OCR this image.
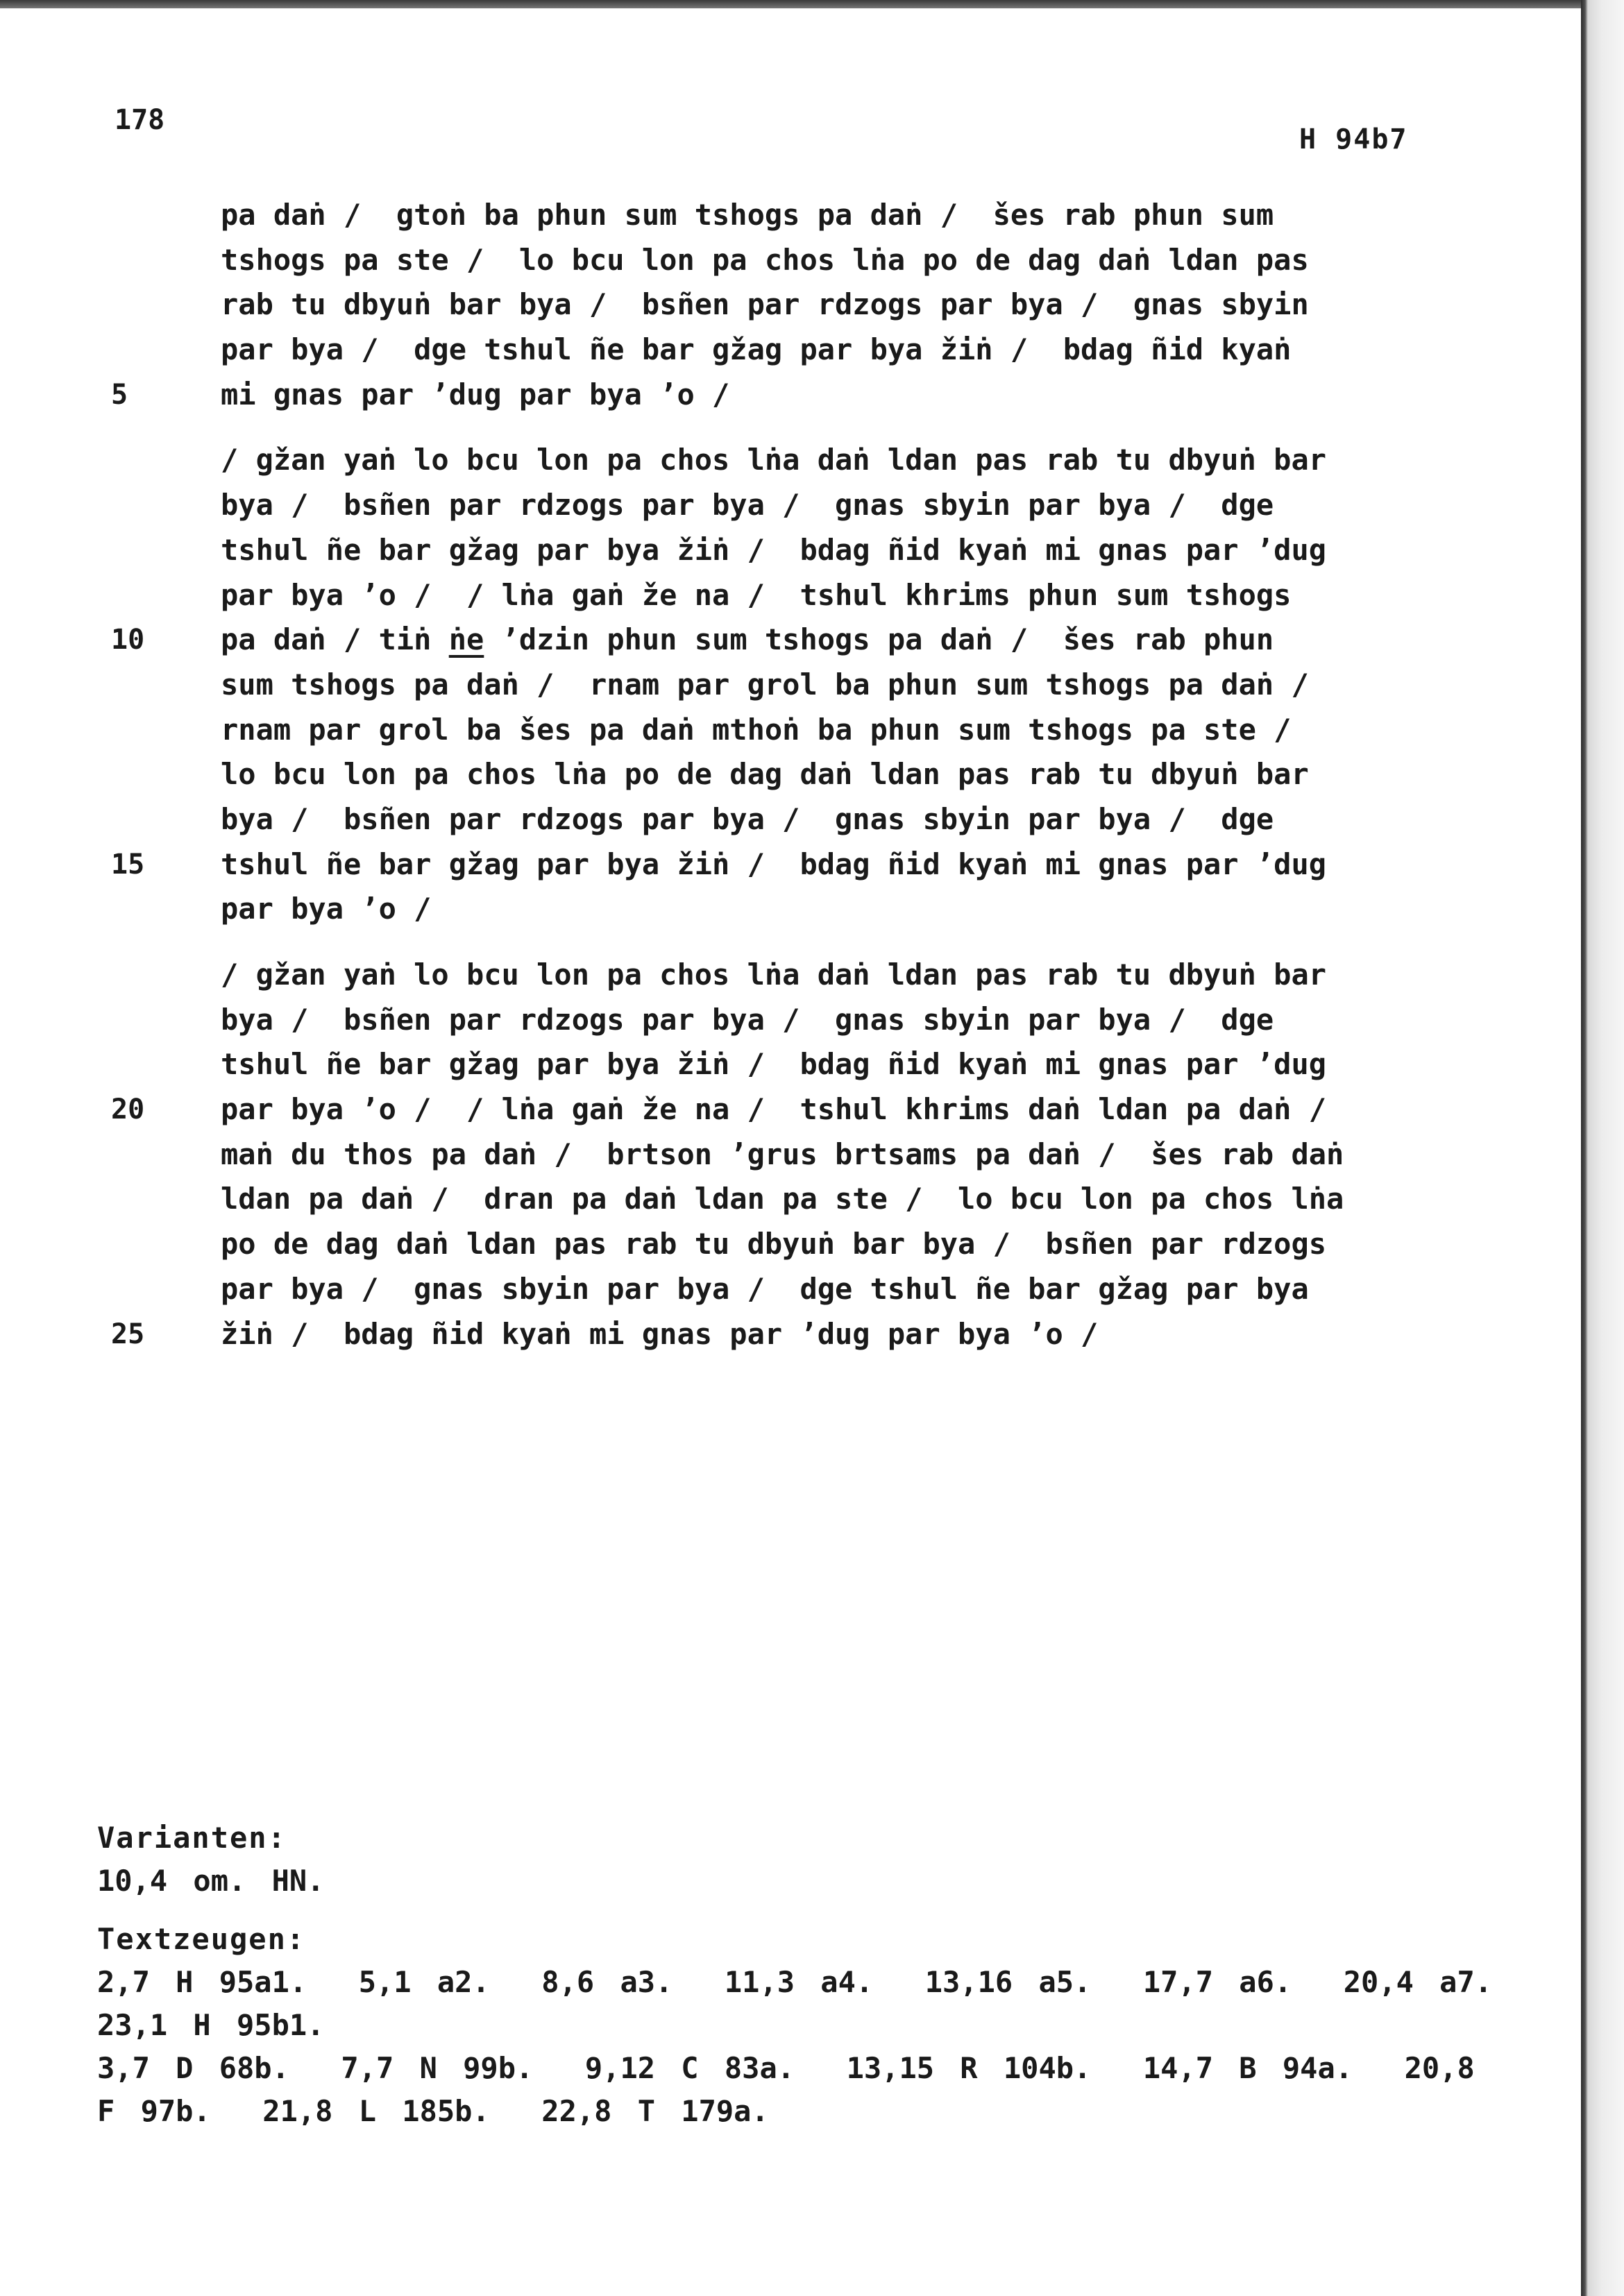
178
H 94b7
pa daṅ /  gtoṅ ba phun sum tshogs pa daṅ /  šes rab phun sum
tshogs pa ste /  lo bcu lon pa chos lṅa po de dag daṅ ldan pas
rab tu dbyuṅ bar bya /  bsñen par rdzogs par bya /  gnas sbyin
par bya /  dge tshul ñe bar gžag par bya žiṅ /  bdag ñid kyaṅ
5	mi gnas par ’dug par bya ’o /
/ gžan yaṅ lo bcu lon pa chos lṅa daṅ ldan pas rab tu dbyuṅ bar
bya /  bsñen par rdzogs par bya /  gnas sbyin par bya /  dge
tshul ñe bar gžag par bya žiṅ /  bdag ñid kyaṅ mi gnas par ’dug
par bya ’o /  / lṅa gaṅ že na /  tshul khrims phun sum tshogs
10	pa daṅ / tiṅ ṅe ’dzin phun sum tshogs pa daṅ /  šes rab phun
sum tshogs pa daṅ /  rnam par grol ba phun sum tshogs pa daṅ /
rnam par grol ba šes pa daṅ mthoṅ ba phun sum tshogs pa ste /
lo bcu lon pa chos lṅa po de dag daṅ ldan pas rab tu dbyuṅ bar
bya /  bsñen par rdzogs par bya /  gnas sbyin par bya /  dge
15	tshul ñe bar gžag par bya žiṅ /  bdag ñid kyaṅ mi gnas par ’dug
par bya ’o /
/ gžan yaṅ lo bcu lon pa chos lṅa daṅ ldan pas rab tu dbyuṅ bar
bya /  bsñen par rdzogs par bya /  gnas sbyin par bya /  dge
tshul ñe bar gžag par bya žiṅ /  bdag ñid kyaṅ mi gnas par ’dug
20	par bya ’o /  / lṅa gaṅ že na /  tshul khrims daṅ ldan pa daṅ /
maṅ du thos pa daṅ /  brtson ’grus brtsams pa daṅ /  šes rab daṅ
ldan pa daṅ /  dran pa daṅ ldan pa ste /  lo bcu lon pa chos lṅa
po de dag daṅ ldan pas rab tu dbyuṅ bar bya /  bsñen par rdzogs
par bya /  gnas sbyin par bya /  dge tshul ñe bar gžag par bya
25	žiṅ /  bdag ñid kyaṅ mi gnas par ’dug par bya ’o /
Varianten:
10,4 om. HN.
Textzeugen:
2,7 H 95a1.  5,1 a2.  8,6 a3.  11,3 a4.  13,16 a5.  17,7 a6.  20,4 a7.
23,1 H 95b1.
3,7 D 68b.  7,7 N 99b.  9,12 C 83a.  13,15 R 104b.  14,7 B 94a.  20,8
F 97b.  21,8 L 185b.  22,8 T 179a.
